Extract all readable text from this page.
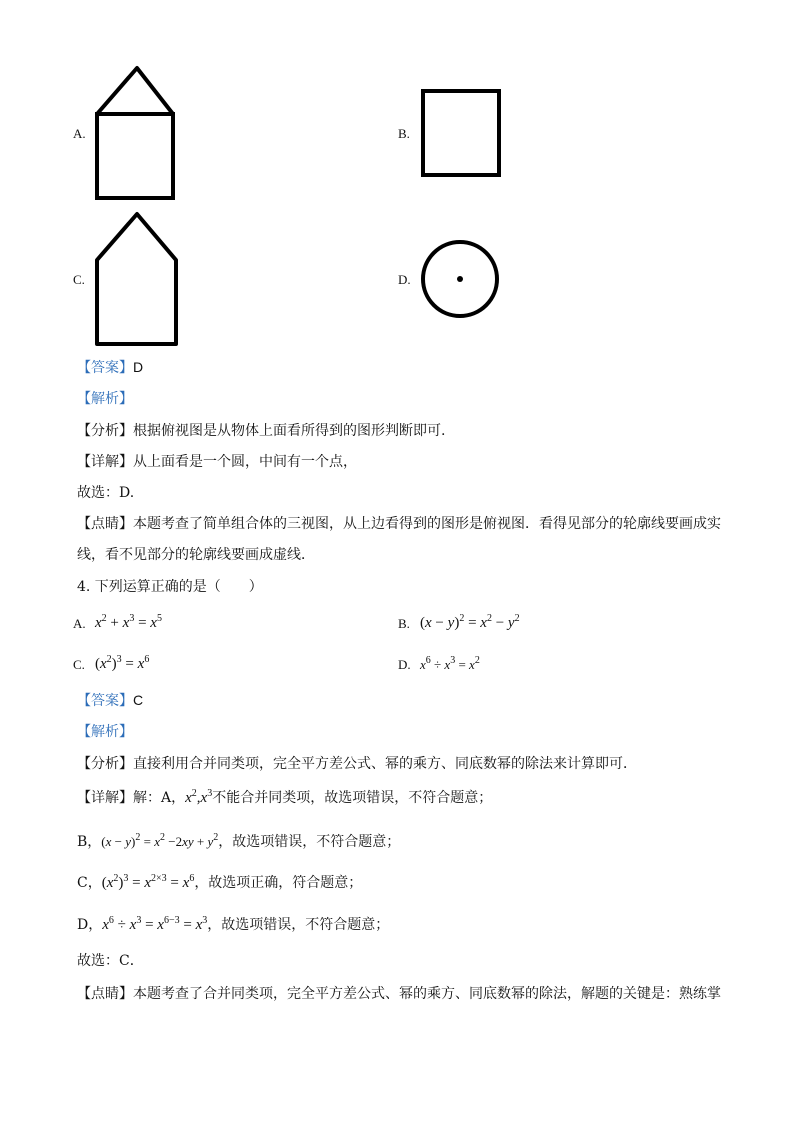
A.	B.
C.	D.
【答案】D
【解析】
【分析】根据俯视图是从物体上面看所得到的图形判断即可.
【详解】从上面看是一个圆，中间有一个点，
故选：D.
【点睛】本题考查了简单组合体的三视图，从上边看得到的图形是俯视图．看得见部分的轮廓线要画成实
线，看不见部分的轮廓线要画成虚线．
4. 下列运算正确的是（　　）
A. $x^2 + x^3 = x^5$	B. $(x - y)^2 = x^2 - y^2$
C. $(x^2)^3 = x^6$	D. $x^6 \div x^3 = x^2$
【答案】C
【解析】
【分析】直接利用合并同类项，完全平方差公式、幂的乘方、同底数幂的除法来计算即可．
【详解】解：A，$x^2,x^3$不能合并同类项，故选项错误，不符合题意；
B，$(x - y)^2 = x^2 -2xy + y^2$，故选项错误，不符合题意；
C，$(x^2)^3 = x^{2\times 3} = x^6$，故选项正确，符合题意；
D，$x^6 \div x^3 = x^{6-3} = x^3$，故选项错误，不符合题意；
故选：C．
【点睛】本题考查了合并同类项，完全平方差公式、幂的乘方、同底数幂的除法，解题的关键是：熟练掌
